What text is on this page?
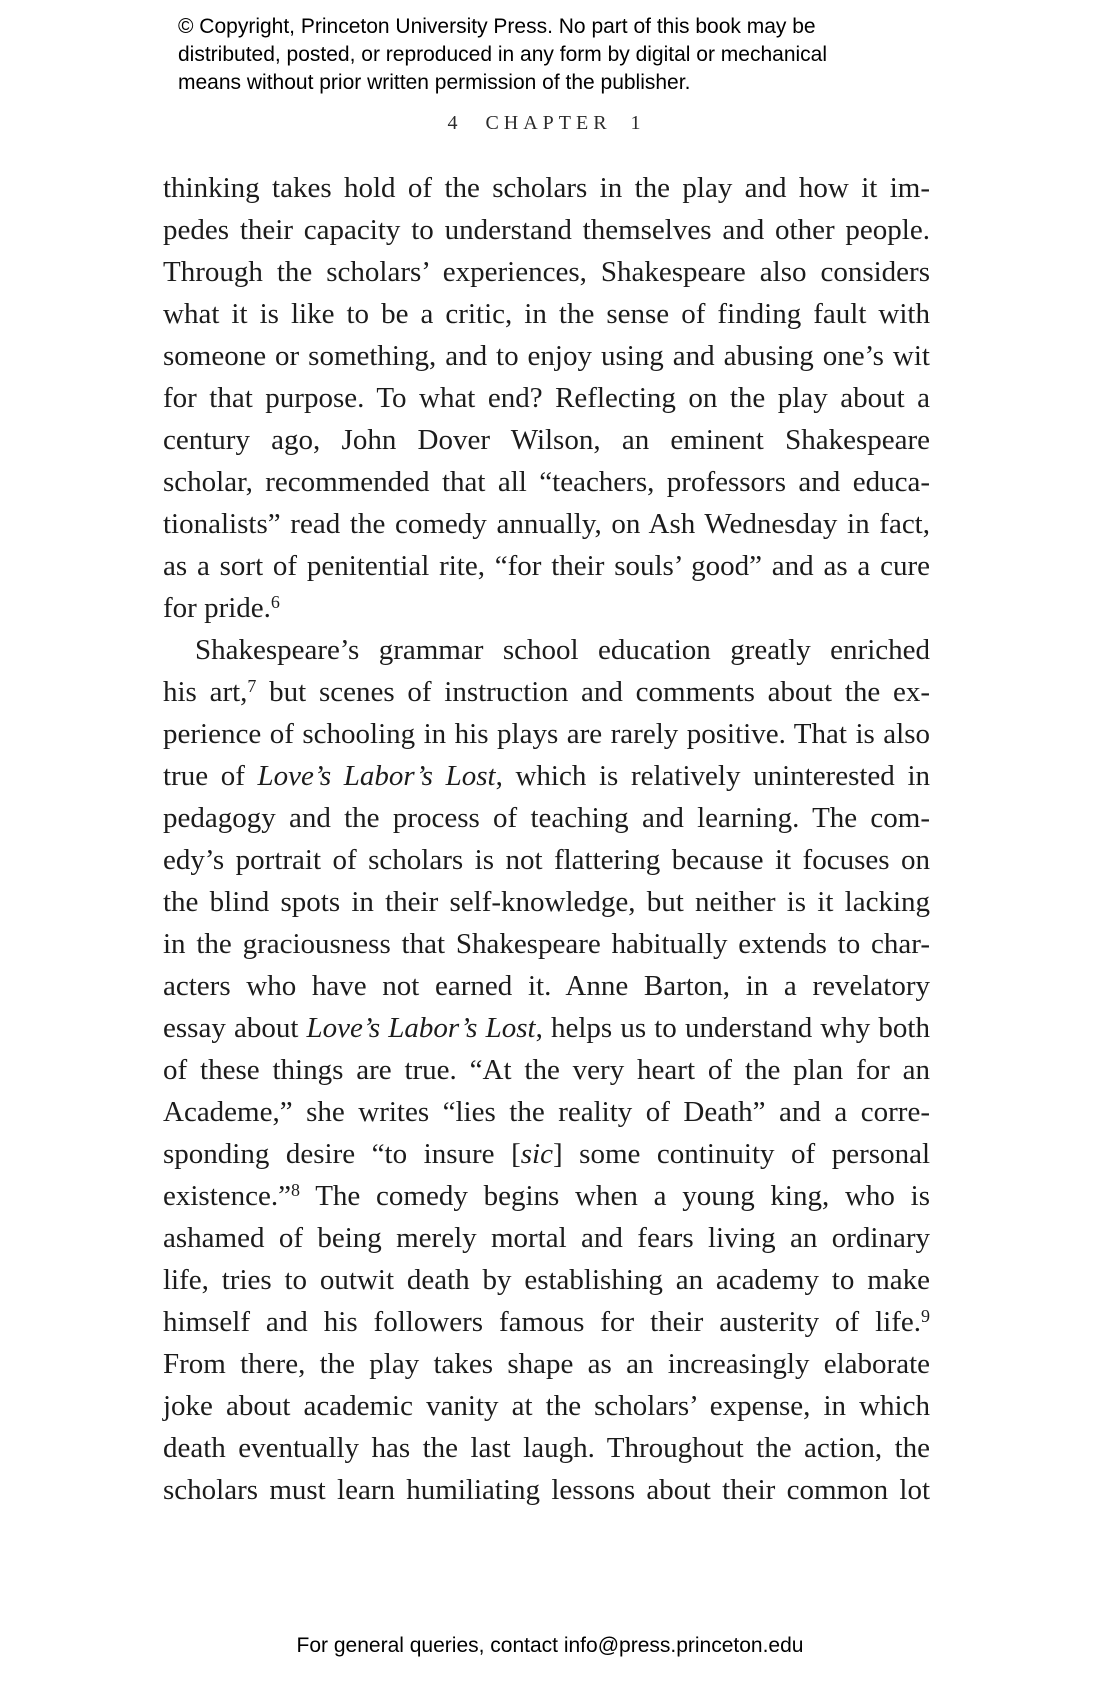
© Copyright, Princeton University Press. No part of this book may be
distributed, posted, or reproduced in any form by digital or mechanical
means without prior written permission of the publisher.
4 CHAPTER 1
thinking takes hold of the scholars in the play and how it im-
pedes their capacity to understand themselves and other people.
Through the scholars’ experiences, Shakespeare also considers
what it is like to be a critic, in the sense of finding fault with
someone or something, and to enjoy using and abusing one’s wit
for that purpose. To what end? Reflecting on the play about a
century ago, John Dover Wilson, an eminent Shakespeare
scholar, recommended that all “teachers, professors and educa-
tionalists” read the comedy annually, on Ash Wednesday in fact,
as a sort of penitential rite, “for their souls’ good” and as a cure
for pride.$^6$
Shakespeare’s grammar school education greatly enriched
his art,$^7$ but scenes of instruction and comments about the ex-
perience of schooling in his plays are rarely positive. That is also
true of Love’s Labor’s Lost, which is relatively uninterested in
pedagogy and the process of teaching and learning. The com-
edy’s portrait of scholars is not flattering because it focuses on
the blind spots in their self-knowledge, but neither is it lacking
in the graciousness that Shakespeare habitually extends to char-
acters who have not earned it. Anne Barton, in a revelatory
essay about Love’s Labor’s Lost, helps us to understand why both
of these things are true. “At the very heart of the plan for an
Academe,” she writes “lies the reality of Death” and a corre-
sponding desire “to insure [sic] some continuity of personal
existence.”$^8$ The comedy begins when a young king, who is
ashamed of being merely mortal and fears living an ordinary
life, tries to outwit death by establishing an academy to make
himself and his followers famous for their austerity of life.$^9$
From there, the play takes shape as an increasingly elaborate
joke about academic vanity at the scholars’ expense, in which
death eventually has the last laugh. Throughout the action, the
scholars must learn humiliating lessons about their common lot
For general queries, contact info@press.princeton.edu
